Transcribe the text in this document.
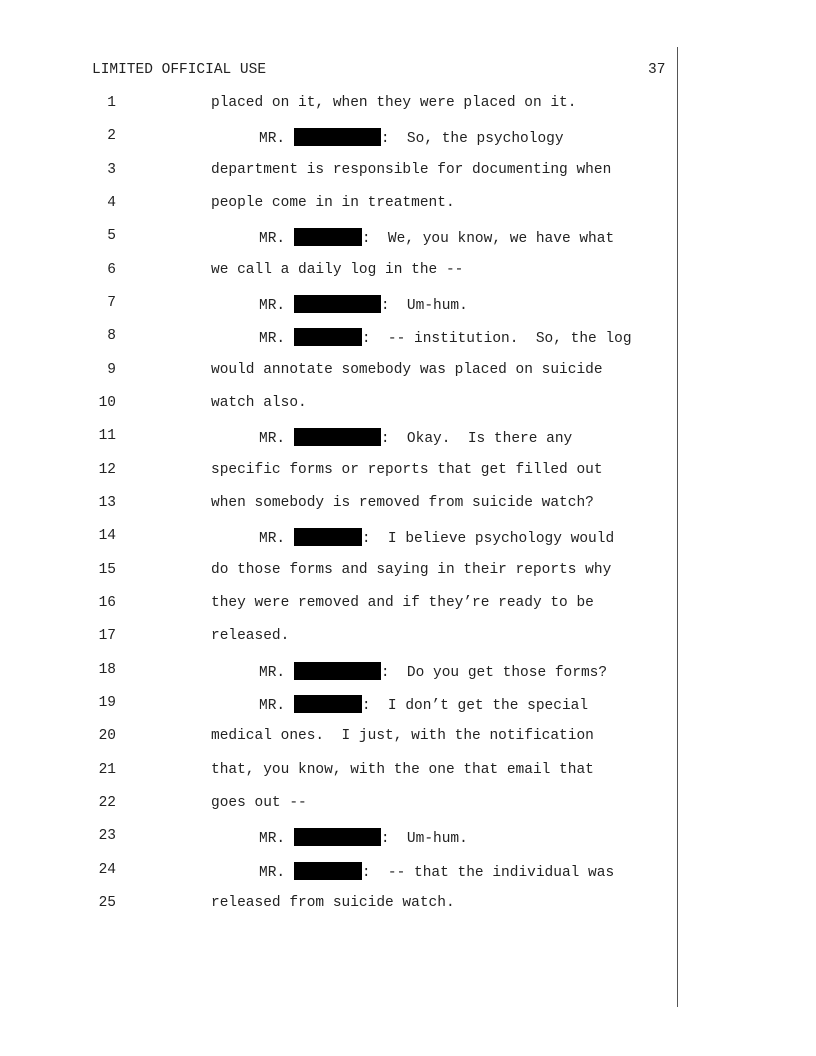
LIMITED OFFICIAL USE	37
1	placed on it, when they were placed on it.
2	MR.	:  So, the psychology
3	department is responsible for documenting when
4	people come in in treatment.
5	MR.	:  We, you know, we have what
6	we call a daily log in the --
7	MR.	:  Um-hum.
8	MR.	:  -- institution.  So, the log
9	would annotate somebody was placed on suicide
10	watch also.
11	MR.	:  Okay.  Is there any
12	specific forms or reports that get filled out
13	when somebody is removed from suicide watch?
14	MR.	:  I believe psychology would
15	do those forms and saying in their reports why
16	they were removed and if they’re ready to be
17	released.
18	MR.	:  Do you get those forms?
19	MR.	:  I don’t get the special
20	medical ones.  I just, with the notification
21	that, you know, with the one that email that
22	goes out --
23	MR.	:  Um-hum.
24	MR.	:  -- that the individual was
25	released from suicide watch.
